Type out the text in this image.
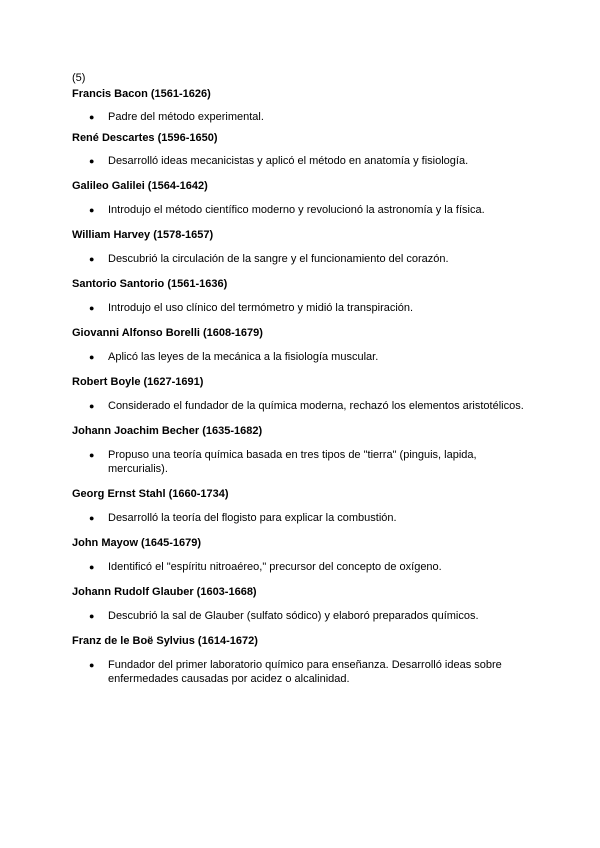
(5)

Francis Bacon (1561-1626)

● Padre del método experimental.

René Descartes (1596-1650)

● Desarrolló ideas mecanicistas y aplicó el método en anatomía y fisiología.

Galileo Galilei (1564-1642)

● Introdujo el método científico moderno y revolucionó la astronomía y la física.

William Harvey (1578-1657)

● Descubrió la circulación de la sangre y el funcionamiento del corazón.

Santorio Santorio (1561-1636)

● Introdujo el uso clínico del termómetro y midió la transpiración.

Giovanni Alfonso Borelli (1608-1679)

● Aplicó las leyes de la mecánica a la fisiología muscular.

Robert Boyle (1627-1691)

● Considerado el fundador de la química moderna, rechazó los elementos aristotélicos.

Johann Joachim Becher (1635-1682)

● Propuso una teoría química basada en tres tipos de "tierra" (pinguis, lapida, mercurialis).

Georg Ernst Stahl (1660-1734)

● Desarrolló la teoría del flogisto para explicar la combustión.

John Mayow (1645-1679)

● Identificó el "espíritu nitroaéreo," precursor del concepto de oxígeno.

Johann Rudolf Glauber (1603-1668)

● Descubrió la sal de Glauber (sulfato sódico) y elaboró preparados químicos.

Franz de le Boë Sylvius (1614-1672)

● Fundador del primer laboratorio químico para enseñanza. Desarrolló ideas sobre enfermedades causadas por acidez o alcalinidad.
